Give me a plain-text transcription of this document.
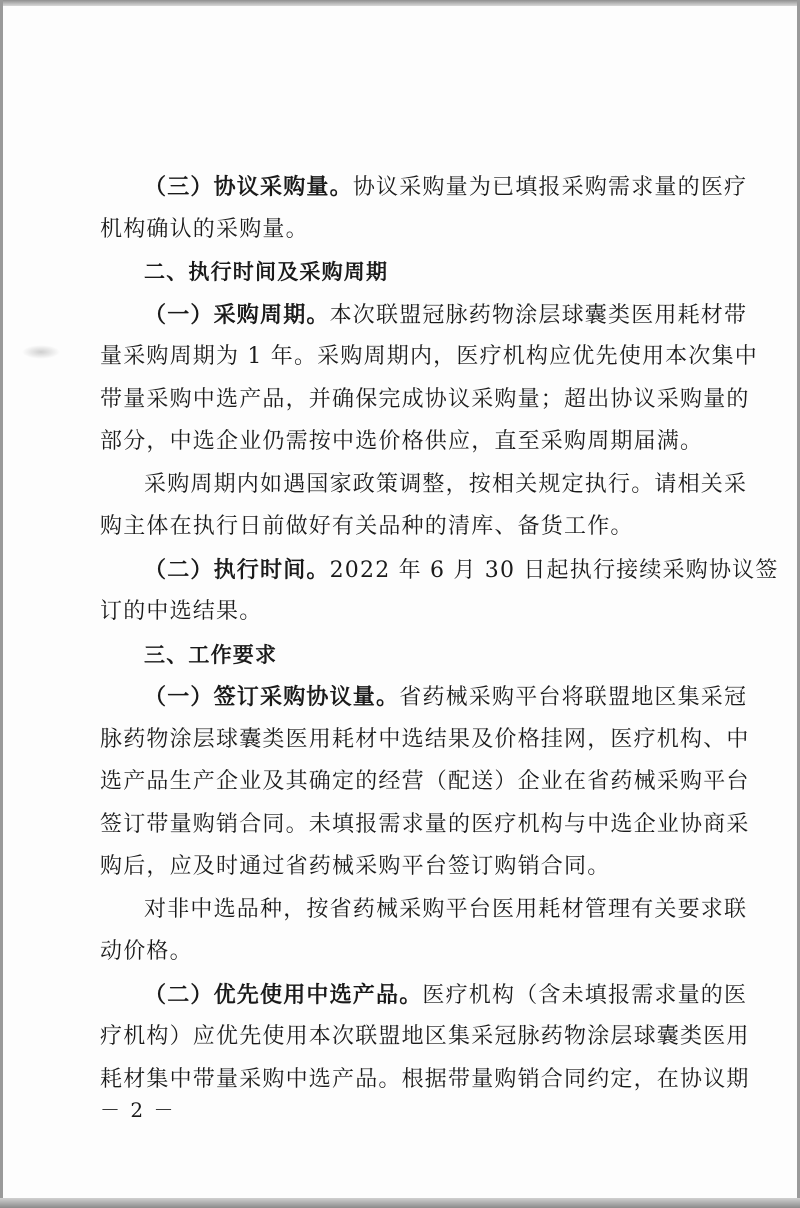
（三）协议采购量。协议采购量为已填报采购需求量的医疗
机构确认的采购量。
二、执行时间及采购周期
（一）采购周期。本次联盟冠脉药物涂层球囊类医用耗材带
量采购周期为 1 年。采购周期内，医疗机构应优先使用本次集中
带量采购中选产品，并确保完成协议采购量；超出协议采购量的
部分，中选企业仍需按中选价格供应，直至采购周期届满。
采购周期内如遇国家政策调整，按相关规定执行。请相关采
购主体在执行日前做好有关品种的清库、备货工作。
（二）执行时间。2022 年 6 月 30 日起执行接续采购协议签
订的中选结果。
三、工作要求
（一）签订采购协议量。省药械采购平台将联盟地区集采冠
脉药物涂层球囊类医用耗材中选结果及价格挂网，医疗机构、中
选产品生产企业及其确定的经营（配送）企业在省药械采购平台
签订带量购销合同。未填报需求量的医疗机构与中选企业协商采
购后，应及时通过省药械采购平台签订购销合同。
对非中选品种，按省药械采购平台医用耗材管理有关要求联
动价格。
（二）优先使用中选产品。医疗机构（含未填报需求量的医
疗机构）应优先使用本次联盟地区集采冠脉药物涂层球囊类医用
耗材集中带量采购中选产品。根据带量购销合同约定，在协议期
－ 2 －
